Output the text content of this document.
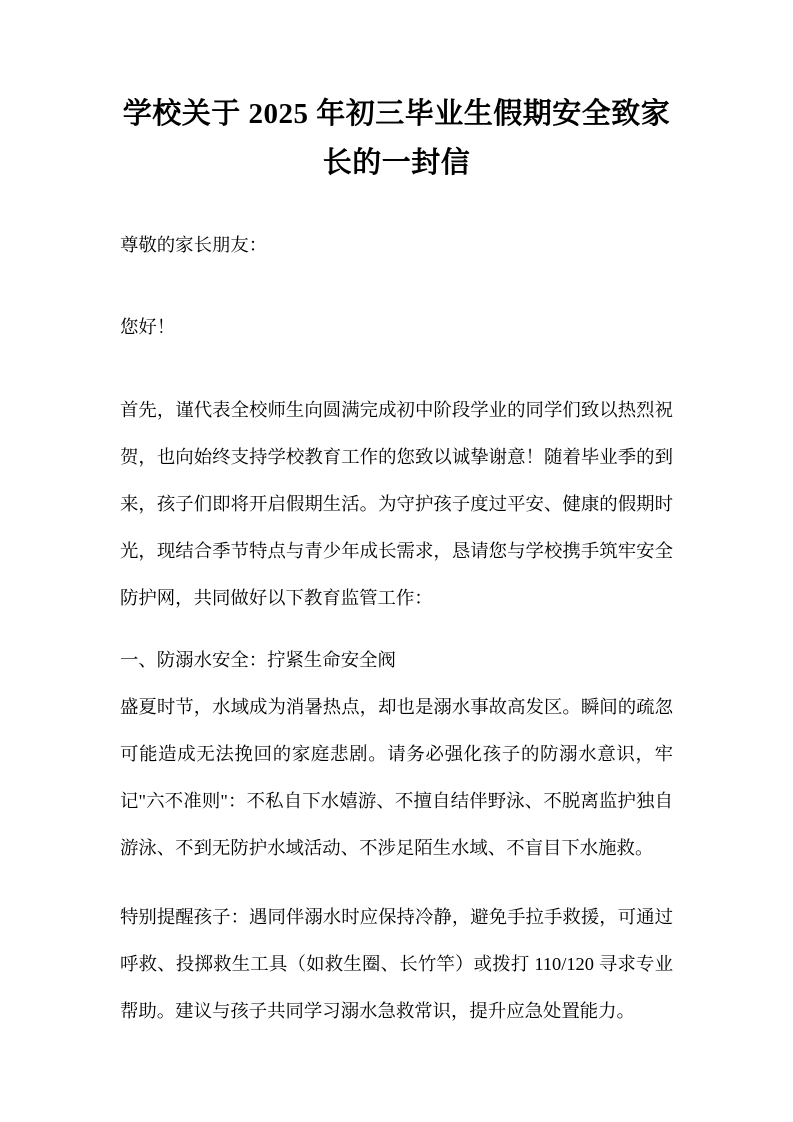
学校关于 2025 年初三毕业生假期安全致家长的一封信

尊敬的家长朋友：

您好！

首先，谨代表全校师生向圆满完成初中阶段学业的同学们致以热烈祝贺，也向始终支持学校教育工作的您致以诚挚谢意！随着毕业季的到来，孩子们即将开启假期生活。为守护孩子度过平安、健康的假期时光，现结合季节特点与青少年成长需求，恳请您与学校携手筑牢安全防护网，共同做好以下教育监管工作：

一、防溺水安全：拧紧生命安全阀

盛夏时节，水域成为消暑热点，却也是溺水事故高发区。瞬间的疏忽可能造成无法挽回的家庭悲剧。请务必强化孩子的防溺水意识，牢记"六不准则"：不私自下水嬉游、不擅自结伴野泳、不脱离监护独自游泳、不到无防护水域活动、不涉足陌生水域、不盲目下水施救。

特别提醒孩子：遇同伴溺水时应保持冷静，避免手拉手救援，可通过呼救、投掷救生工具（如救生圈、长竹竿）或拨打 110/120 寻求专业帮助。建议与孩子共同学习溺水急救常识，提升应急处置能力。
